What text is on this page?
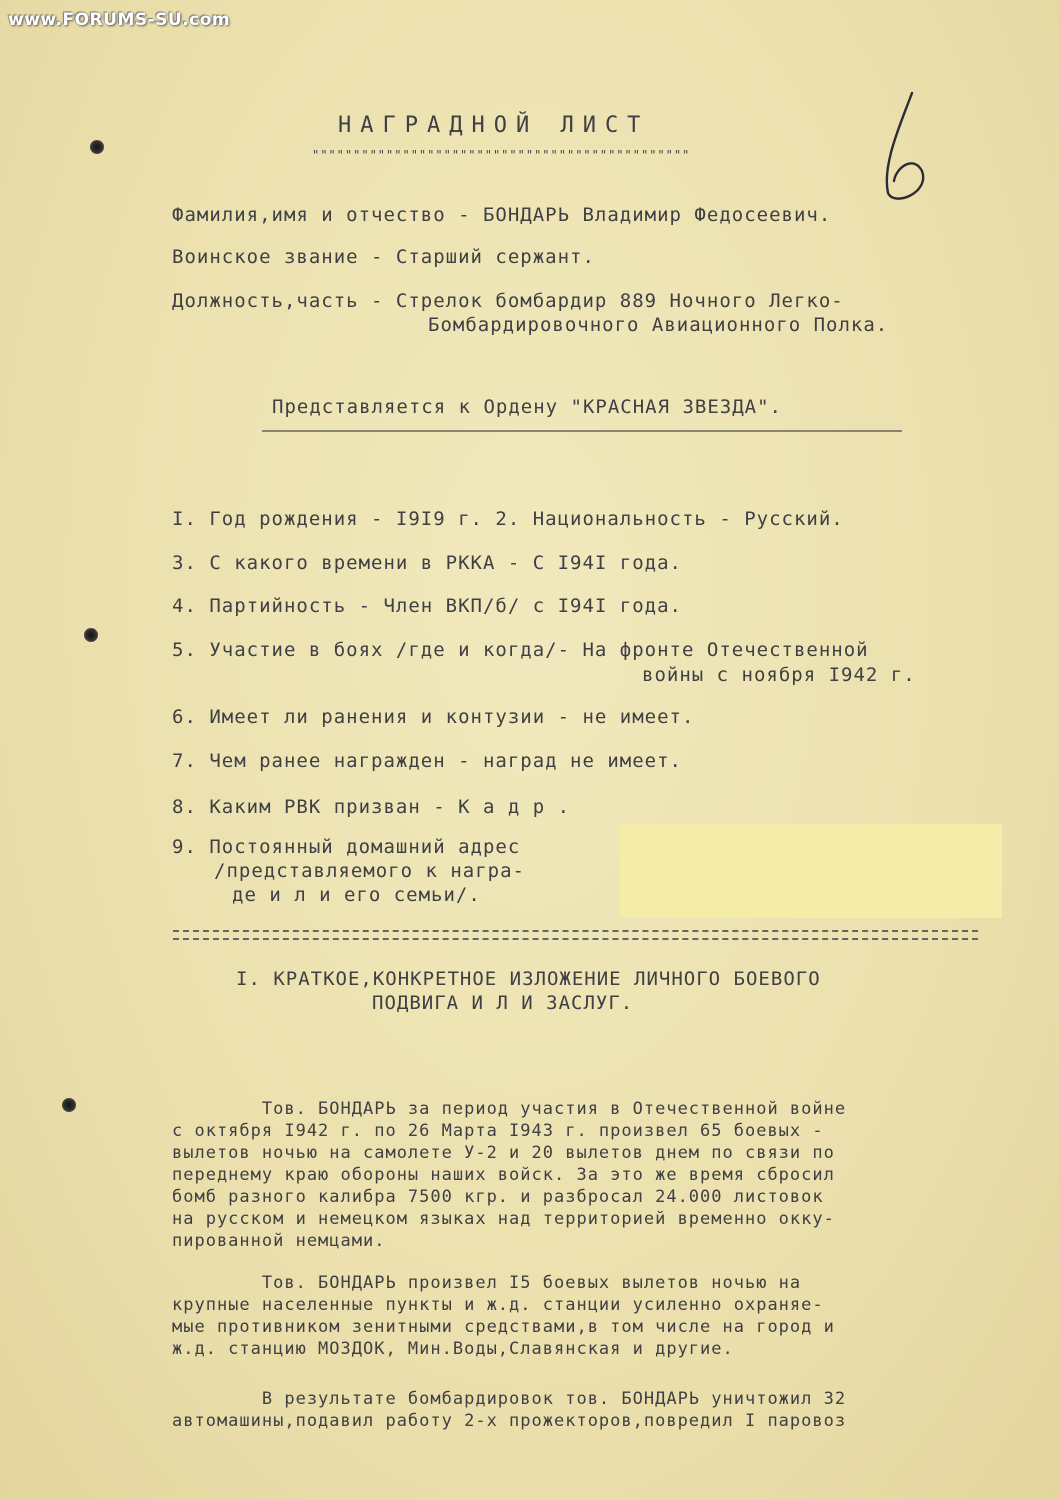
www.FORUMS-SU.com
НАГРАДНОЙ ЛИСТ
""""""""""""""""""""""""""""""""""""""""""""""
Фамилия,имя и отчество - БОНДАРЬ Владимир Федосеевич.
Воинское звание - Старший сержант.
Должность,часть - Стрелок бомбардир 889 Ночного Легко-
Бомбардировочного Авиационного Полка.
Представляется к Ордену "КРАСНАЯ ЗВЕЗДА".
I. Год рождения - I9I9 г. 2. Национальность - Русский.
3. С какого времени в РККА - С I94I года.
4. Партийность - Член ВКП/б/ с I94I года.
5. Участие в боях /где и когда/- На фронте Отечественной
войны с ноября I942 г.
6. Имеет ли ранения и контузии - не имеет.
7. Чем ранее награжден - наград не имеет.
8. Каким РВК призван - К а д р .
9. Постоянный домашний адрес
/представляемого к награ-
де и л и его семьи/.
I. КРАТКОЕ,КОНКРЕТНОЕ ИЗЛОЖЕНИЕ ЛИЧНОГО БОЕВОГО
ПОДВИГА И Л И ЗАСЛУГ.

Тов. БОНДАРЬ за период участия в Отечественной войне
с октября I942 г. по 26 Марта I943 г. произвел 65 боевых -
вылетов ночью на самолете У-2 и 20 вылетов днем по связи по
переднему краю обороны наших войск. За это же время сбросил
бомб разного калибра 7500 кгр. и разбросал 24.000 листовок
на русском и немецком языках над территорией временно окку-
пированной немцами.

Тов. БОНДАРЬ произвел I5 боевых вылетов ночью на
крупные населенные пункты и ж.д. станции усиленно охраняе-
мые противником зенитными средствами,в том числе на город и
ж.д. станцию МОЗДОК, Мин.Воды,Славянская и другие.

В результате бомбардировок тов. БОНДАРЬ уничтожил 32
автомашины,подавил работу 2-х прожекторов,повредил I паровоз
